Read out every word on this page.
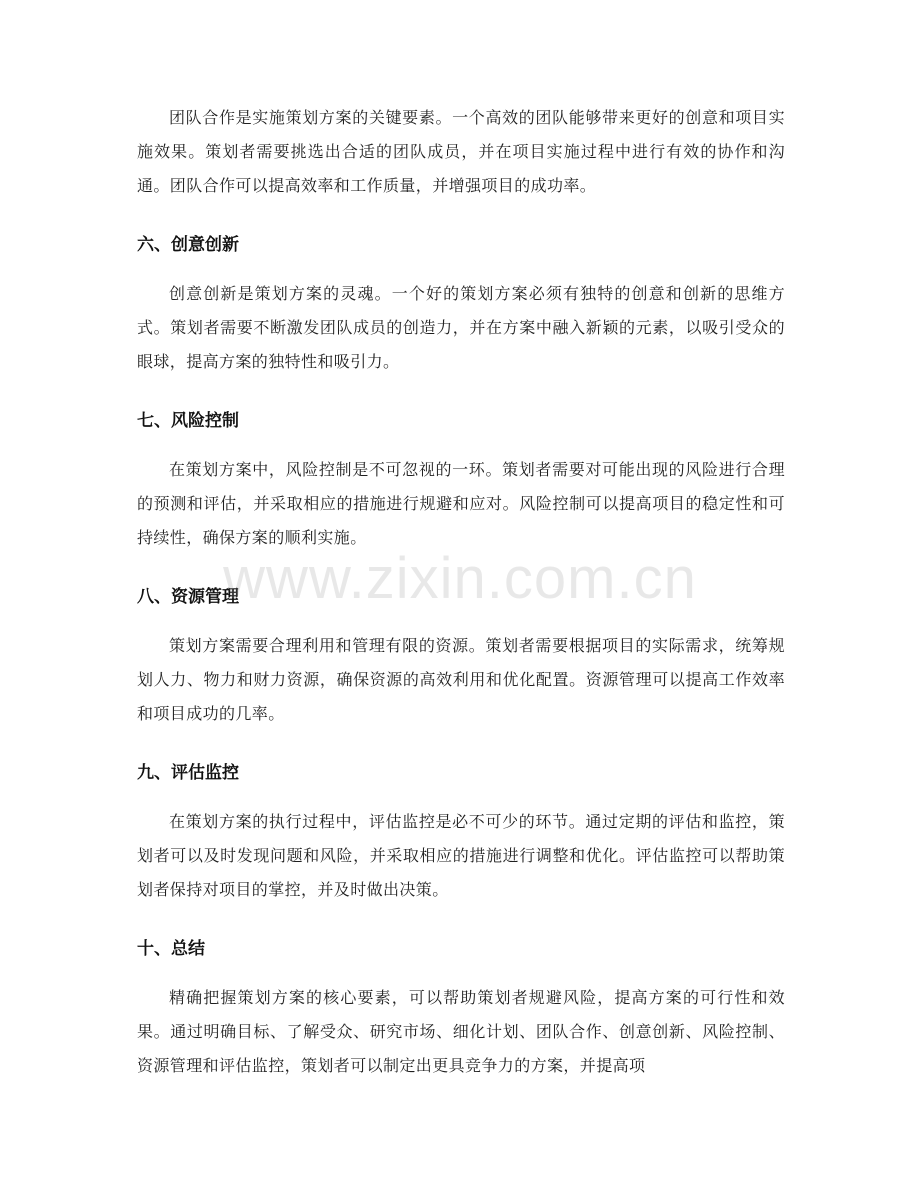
团队合作是实施策划方案的关键要素。一个高效的团队能够带来更好的创意和项目实施效果。策划者需要挑选出合适的团队成员，并在项目实施过程中进行有效的协作和沟通。团队合作可以提高效率和工作质量，并增强项目的成功率。

六、创意创新

创意创新是策划方案的灵魂。一个好的策划方案必须有独特的创意和创新的思维方式。策划者需要不断激发团队成员的创造力，并在方案中融入新颖的元素，以吸引受众的眼球，提高方案的独特性和吸引力。

七、风险控制

在策划方案中，风险控制是不可忽视的一环。策划者需要对可能出现的风险进行合理的预测和评估，并采取相应的措施进行规避和应对。风险控制可以提高项目的稳定性和可持续性，确保方案的顺利实施。

八、资源管理

策划方案需要合理利用和管理有限的资源。策划者需要根据项目的实际需求，统筹规划人力、物力和财力资源，确保资源的高效利用和优化配置。资源管理可以提高工作效率和项目成功的几率。

九、评估监控

在策划方案的执行过程中，评估监控是必不可少的环节。通过定期的评估和监控，策划者可以及时发现问题和风险，并采取相应的措施进行调整和优化。评估监控可以帮助策划者保持对项目的掌控，并及时做出决策。

十、总结

精确把握策划方案的核心要素，可以帮助策划者规避风险，提高方案的可行性和效果。通过明确目标、了解受众、研究市场、细化计划、团队合作、创意创新、风险控制、资源管理和评估监控，策划者可以制定出更具竞争力的方案，并提高项

www.zixin.com.cn
